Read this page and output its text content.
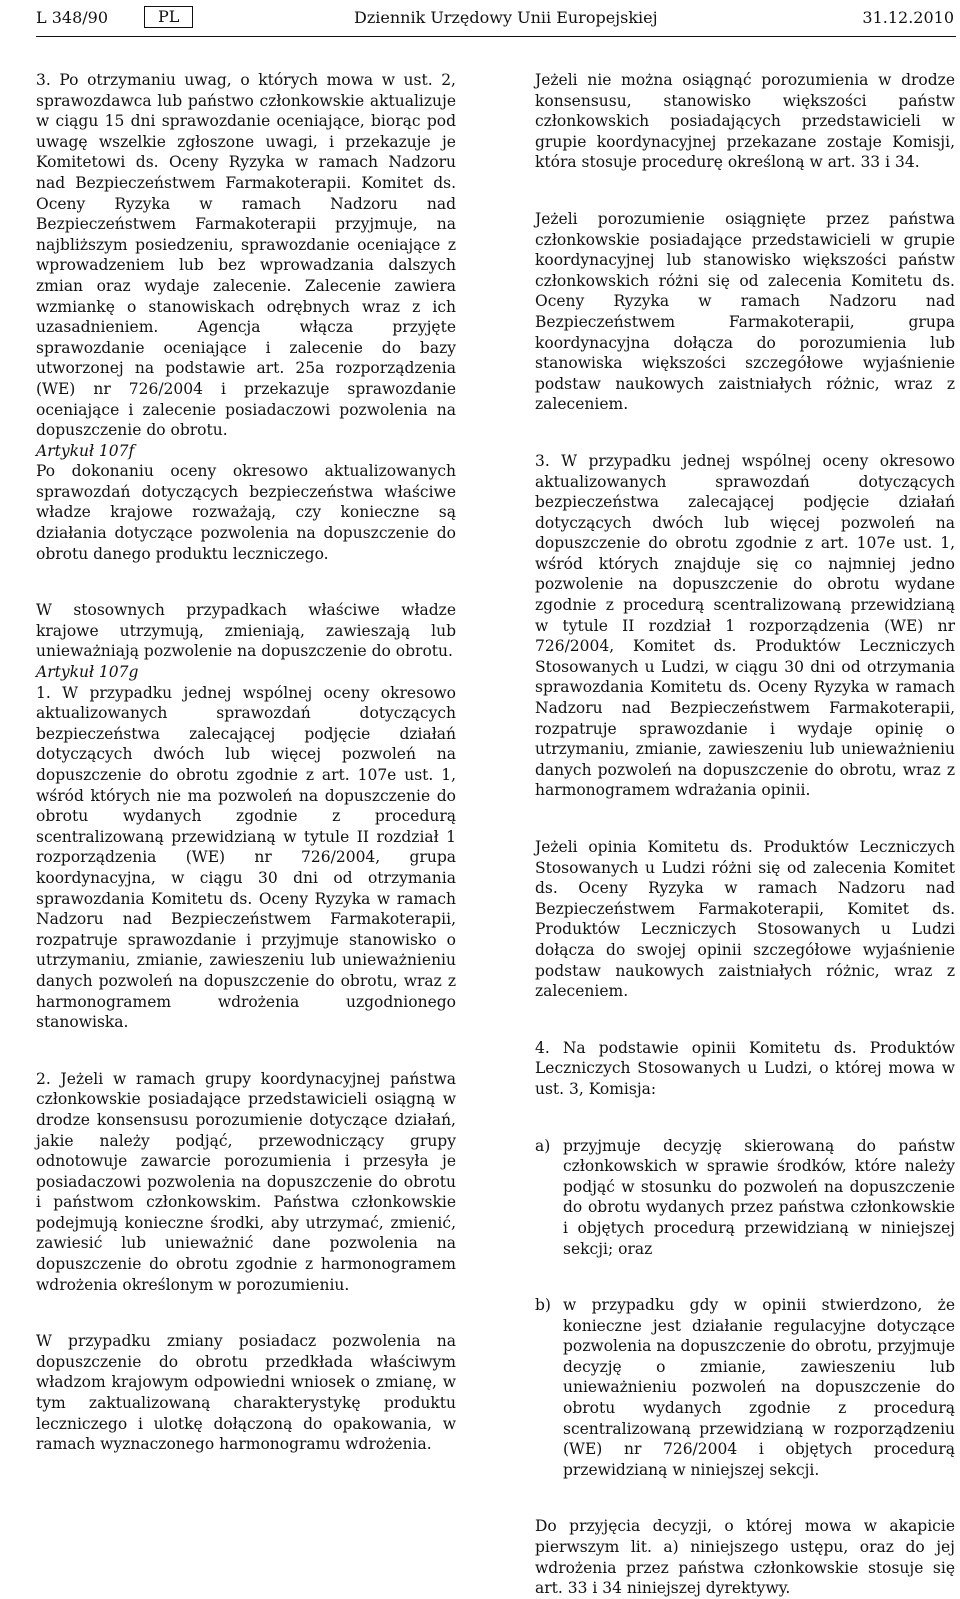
L 348/90	PL	Dziennik Urzędowy Unii Europejskiej	31.12.2010

3. Po otrzymaniu uwag, o których mowa w ust. 2, sprawozdawca lub państwo członkowskie aktualizuje w ciągu 15 dni sprawozdanie oceniające, biorąc pod uwagę wszelkie zgłoszone uwagi, i przekazuje je Komitetowi ds. Oceny Ryzyka w ramach Nadzoru nad Bezpieczeństwem Farmakoterapii. Komitet ds. Oceny Ryzyka w ramach Nadzoru nad Bezpieczeństwem Farmakoterapii przyjmuje, na najbliższym posiedzeniu, sprawozdanie oceniające z wprowadzeniem lub bez wprowadzania dalszych zmian oraz wydaje zalecenie. Zalecenie zawiera wzmiankę o stanowiskach odrębnych wraz z ich uzasadnieniem. Agencja włącza przyjęte sprawozdanie oceniające i zalecenie do bazy utworzonej na podstawie art. 25a rozporządzenia (WE) nr 726/2004 i przekazuje sprawozdanie oceniające i zalecenie posiadaczowi pozwolenia na dopuszczenie do obrotu.

Artykuł 107f

Po dokonaniu oceny okresowo aktualizowanych sprawozdań dotyczących bezpieczeństwa właściwe władze krajowe rozważają, czy konieczne są działania dotyczące pozwolenia na dopuszczenie do obrotu danego produktu leczniczego.

W stosownych przypadkach właściwe władze krajowe utrzymują, zmieniają, zawieszają lub unieważniają pozwolenie na dopuszczenie do obrotu.

Artykuł 107g

1. W przypadku jednej wspólnej oceny okresowo aktualizowanych sprawozdań dotyczących bezpieczeństwa zalecającej podjęcie działań dotyczących dwóch lub więcej pozwoleń na dopuszczenie do obrotu zgodnie z art. 107e ust. 1, wśród których nie ma pozwoleń na dopuszczenie do obrotu wydanych zgodnie z procedurą scentralizowaną przewidzianą w tytule II rozdział 1 rozporządzenia (WE) nr 726/2004, grupa koordynacyjna, w ciągu 30 dni od otrzymania sprawozdania Komitetu ds. Oceny Ryzyka w ramach Nadzoru nad Bezpieczeństwem Farmakoterapii, rozpatruje sprawozdanie i przyjmuje stanowisko o utrzymaniu, zmianie, zawieszeniu lub unieważnieniu danych pozwoleń na dopuszczenie do obrotu, wraz z harmonogramem wdrożenia uzgodnionego stanowiska.

2. Jeżeli w ramach grupy koordynacyjnej państwa członkowskie posiadające przedstawicieli osiągną w drodze konsensusu porozumienie dotyczące działań, jakie należy podjąć, przewodniczący grupy odnotowuje zawarcie porozumienia i przesyła je posiadaczowi pozwolenia na dopuszczenie do obrotu i państwom członkowskim. Państwa członkowskie podejmują konieczne środki, aby utrzymać, zmienić, zawiesić lub unieważnić dane pozwolenia na dopuszczenie do obrotu zgodnie z harmonogramem wdrożenia określonym w porozumieniu.

W przypadku zmiany posiadacz pozwolenia na dopuszczenie do obrotu przedkłada właściwym władzom krajowym odpowiedni wniosek o zmianę, w tym zaktualizowaną charakterystykę produktu leczniczego i ulotkę dołączoną do opakowania, w ramach wyznaczonego harmonogramu wdrożenia.

Jeżeli nie można osiągnąć porozumienia w drodze konsensusu, stanowisko większości państw członkowskich posiadających przedstawicieli w grupie koordynacyjnej przekazane zostaje Komisji, która stosuje procedurę określoną w art. 33 i 34.

Jeżeli porozumienie osiągnięte przez państwa członkowskie posiadające przedstawicieli w grupie koordynacyjnej lub stanowisko większości państw członkowskich różni się od zalecenia Komitetu ds. Oceny Ryzyka w ramach Nadzoru nad Bezpieczeństwem Farmakoterapii, grupa koordynacyjna dołącza do porozumienia lub stanowiska większości szczegółowe wyjaśnienie podstaw naukowych zaistniałych różnic, wraz z zaleceniem.

3. W przypadku jednej wspólnej oceny okresowo aktualizowanych sprawozdań dotyczących bezpieczeństwa zalecającej podjęcie działań dotyczących dwóch lub więcej pozwoleń na dopuszczenie do obrotu zgodnie z art. 107e ust. 1, wśród których znajduje się co najmniej jedno pozwolenie na dopuszczenie do obrotu wydane zgodnie z procedurą scentralizowaną przewidzianą w tytule II rozdział 1 rozporządzenia (WE) nr 726/2004, Komitet ds. Produktów Leczniczych Stosowanych u Ludzi, w ciągu 30 dni od otrzymania sprawozdania Komitetu ds. Oceny Ryzyka w ramach Nadzoru nad Bezpieczeństwem Farmakoterapii, rozpatruje sprawozdanie i wydaje opinię o utrzymaniu, zmianie, zawieszeniu lub unieważnieniu danych pozwoleń na dopuszczenie do obrotu, wraz z harmonogramem wdrażania opinii.

Jeżeli opinia Komitetu ds. Produktów Leczniczych Stosowanych u Ludzi różni się od zalecenia Komitet ds. Oceny Ryzyka w ramach Nadzoru nad Bezpieczeństwem Farmakoterapii, Komitet ds. Produktów Leczniczych Stosowanych u Ludzi dołącza do swojej opinii szczegółowe wyjaśnienie podstaw naukowych zaistniałych różnic, wraz z zaleceniem.

4. Na podstawie opinii Komitetu ds. Produktów Leczniczych Stosowanych u Ludzi, o której mowa w ust. 3, Komisja:

a) przyjmuje decyzję skierowaną do państw członkowskich w sprawie środków, które należy podjąć w stosunku do pozwoleń na dopuszczenie do obrotu wydanych przez państwa członkowskie i objętych procedurą przewidzianą w niniejszej sekcji; oraz
b) w przypadku gdy w opinii stwierdzono, że konieczne jest działanie regulacyjne dotyczące pozwolenia na dopuszczenie do obrotu, przyjmuje decyzję o zmianie, zawieszeniu lub unieważnieniu pozwoleń na dopuszczenie do obrotu wydanych zgodnie z procedurą scentralizowaną przewidzianą w rozporządzeniu (WE) nr 726/2004 i objętych procedurą przewidzianą w niniejszej sekcji.

Do przyjęcia decyzji, o której mowa w akapicie pierwszym lit. a) niniejszego ustępu, oraz do jej wdrożenia przez państwa członkowskie stosuje się art. 33 i 34 niniejszej dyrektywy.
